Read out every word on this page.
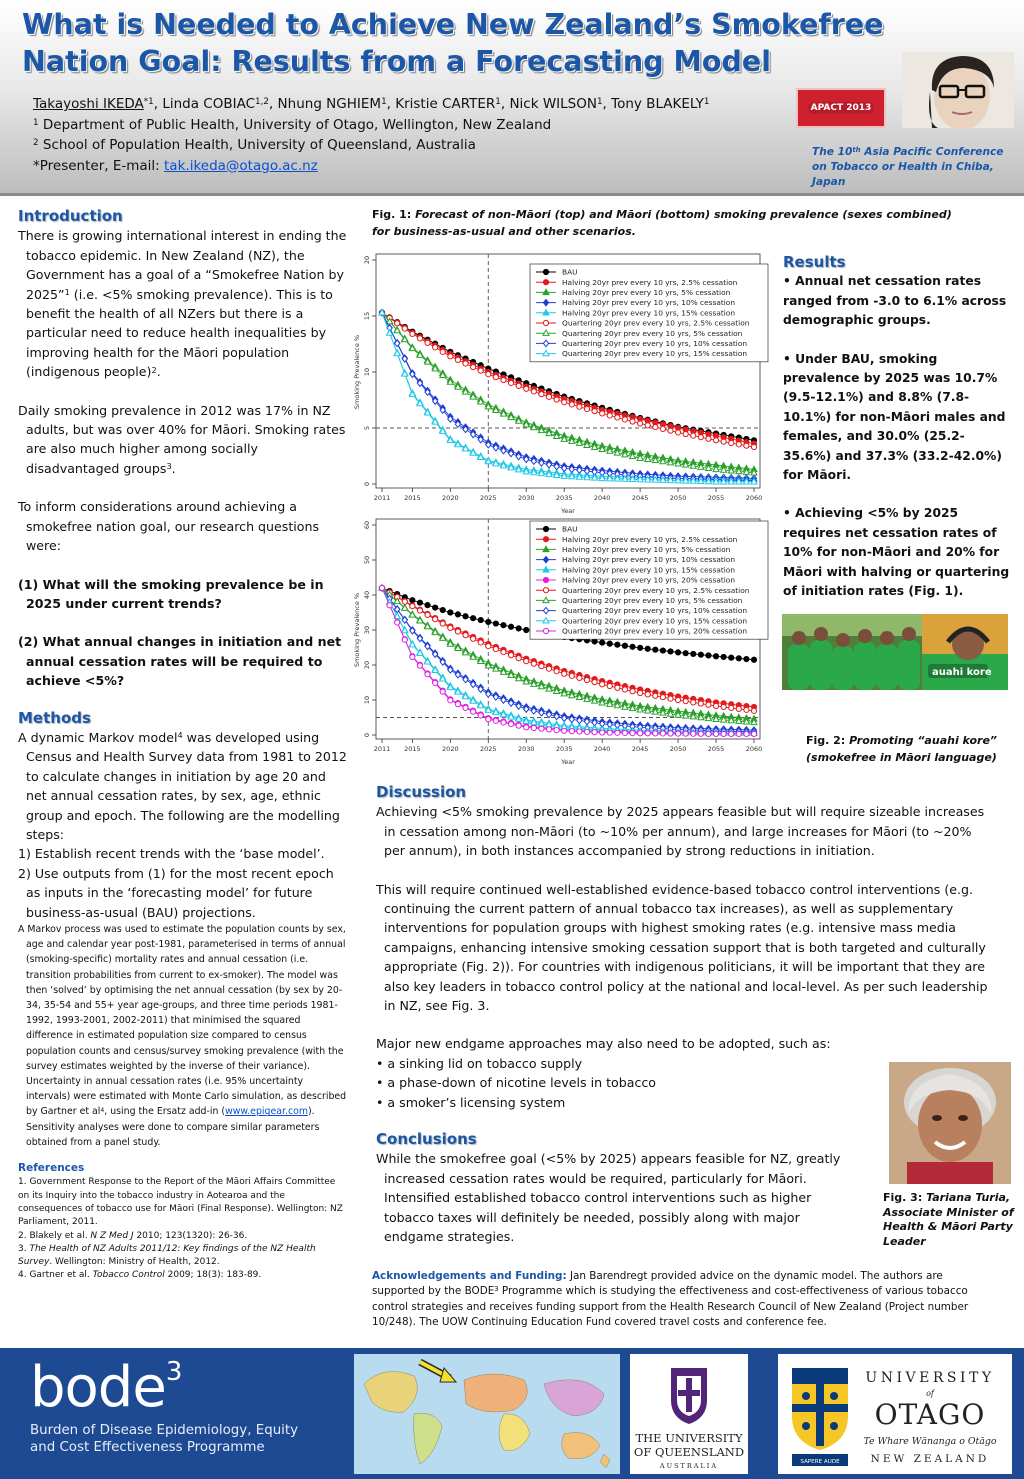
What is Needed to Achieve New Zealand’s Smokefree Nation Goal: Results from a Forecasting Model
Takayoshi IKEDA$^{*1}$, Linda COBIAC$^{1,2}$, Nhung NGHIEM$^1$, Kristie CARTER$^1$, Nick WILSON$^1$, Tony BLAKELY$^1$
$^1$ Department of Public Health, University of Otago, Wellington, New Zealand
$^2$ School of Population Health, University of Queensland, Australia
*Presenter, E-mail: tak.ikeda@otago.ac.nz
APACT 2013
The 10th Asia Pacific Conference on Tobacco or Health in Chiba, Japan
Introduction

There is growing international interest in ending the tobacco epidemic. In New Zealand (NZ), the Government has a goal of a “Smokefree Nation by 2025”$^1$ (i.e. <5% smoking prevalence). This is to benefit the health of all NZers but there is a particular need to reduce health inequalities by improving health for the Māori population (indigenous people)$^2$.

Daily smoking prevalence in 2012 was 17% in NZ adults, but was over 40% for Māori. Smoking rates are also much higher among socially disadvantaged groups$^3$.

To inform considerations around achieving a smokefree nation goal, our research questions were:

(1) What will the smoking prevalence be in 2025 under current trends?

(2) What annual changes in initiation and net annual cessation rates will be required to achieve <5%?

Methods

A dynamic Markov model$^4$ was developed using Census and Health Survey data from 1981 to 2012 to calculate changes in initiation by age 20 and net annual cessation rates, by sex, age, ethnic group and epoch. The following are the modelling steps:

1) Establish recent trends with the ‘base model’.

2) Use outputs from (1) for the most recent epoch as inputs in the ‘forecasting model’ for future business-as-usual (BAU) projections.

A Markov process was used to estimate the population counts by sex, age and calendar year post-1981, parameterised in terms of annual (smoking-specific) mortality rates and annual cessation (i.e. transition probabilities from current to ex-smoker). The model was then ‘solved’ by optimising the net annual cessation (by sex by 20-34, 35-54 and 55+ year age-groups, and three time periods 1981-1992, 1993-2001, 2002-2011) that minimised the squared difference in estimated population size compared to census population counts and census/survey smoking prevalence (with the survey estimates weighted by the inverse of their variance). Uncertainty in annual cessation rates (i.e. 95% uncertainty intervals) were estimated with Monte Carlo simulation, as described by Gartner et $al^4$, using the Ersatz add-in (www.epigear.com). Sensitivity analyses were done to compare similar parameters obtained from a panel study.

References
1. Government Response to the Report of the Māori Affairs Committee on its Inquiry into the tobacco industry in Aotearoa and the consequences of tobacco use for Māori (Final Response). Wellington: NZ Parliament, 2011.
2. Blakely et al. N Z Med J 2010; 123(1320): 26-36.
3. The Health of NZ Adults 2011/12: Key findings of the NZ Health Survey. Wellington: Ministry of Health, 2012.
4. Gartner et al. Tobacco Control 2009; 18(3): 183-89.
Fig. 1: Forecast of non-Māori (top) and Māori (bottom) smoking prevalence (sexes combined) for business-as-usual and other scenarios.
0
5
10
15
20
2011 2015	2020	2025	2030	2035	2040	2045	2050	2055	2060
Year
Smoking Prevalence %
BAU
Halving 20yr prev every 10 yrs, 2.5% cessation
Halving 20yr prev every 10 yrs, 5% cessation
Halving 20yr prev every 10 yrs, 10% cessation
Halving 20yr prev every 10 yrs, 15% cessation
Quartering 20yr prev every 10 yrs, 2.5% cessation
Quartering 20yr prev every 10 yrs, 5% cessation
Quartering 20yr prev every 10 yrs, 10% cessation
Quartering 20yr prev every 10 yrs, 15% cessation
0
10
20
30
40
50
60
2011 2015	2020	2025	2030	2035	2040	2045	2050	2055	2060
Year
Smoking Prevalence %
BAU
Halving 20yr prev every 10 yrs, 2.5% cessation
Halving 20yr prev every 10 yrs, 5% cessation
Halving 20yr prev every 10 yrs, 10% cessation
Halving 20yr prev every 10 yrs, 15% cessation
Halving 20yr prev every 10 yrs, 20% cessation
Quartering 20yr prev every 10 yrs, 2.5% cessation
Quartering 20yr prev every 10 yrs, 5% cessation
Quartering 20yr prev every 10 yrs, 10% cessation
Quartering 20yr prev every 10 yrs, 15% cessation
Quartering 20yr prev every 10 yrs, 20% cessation
Results

• Annual net cessation rates ranged from -3.0 to 6.1% across demographic groups.

• Under BAU, smoking prevalence by 2025 was 10.7% (9.5-12.1%) and 8.8% (7.8-10.1%) for non-Māori males and females, and 30.0% (25.2-35.6%) and 37.3% (33.2-42.0%) for Māori.

• Achieving <5% by 2025 requires net cessation rates of 10% for non-Māori and 20% for Māori with halving or quartering of initiation rates (Fig. 1).

auahi kore
Fig. 2: Promoting “auahi kore” (smokefree in Māori language)
Discussion

Achieving <5% smoking prevalence by 2025 appears feasible but will require sizeable increases in cessation among non-Māori (to ~10% per annum), and large increases for Māori (to ~20% per annum), in both instances accompanied by strong reductions in initiation.

This will require continued well-established evidence-based tobacco control interventions (e.g. continuing the current pattern of annual tobacco tax increases), as well as supplementary interventions for population groups with highest smoking rates (e.g. intensive mass media campaigns, enhancing intensive smoking cessation support that is both targeted and culturally appropriate (Fig. 2)). For countries with indigenous politicians, it will be important that they are also key leaders in tobacco control policy at the national and local-level. As per such leadership in NZ, see Fig. 3.

Major new endgame approaches may also need to be adopted, such as:

• a sinking lid on tobacco supply

• a phase-down of nicotine levels in tobacco

• a smoker’s licensing system

Conclusions

While the smokefree goal (<5% by 2025) appears feasible for NZ, greatly increased cessation rates would be required, particularly for Māori. Intensified established tobacco control interventions such as higher tobacco taxes will definitely be needed, possibly along with major endgame strategies.

Fig. 3: Tariana Turia, Associate Minister of Health & Māori Party Leader
Acknowledgements and Funding: Jan Barendregt provided advice on the dynamic model. The authors are supported by the BODE$^3$ Programme which is studying the effectiveness and cost-effectiveness of various tobacco control strategies and receives funding support from the Health Research Council of New Zealand (Project number 10/248). The UOW Continuing Education Fund covered travel costs and conference fee.
bode$^3$
Burden of Disease Epidemiology, Equity
and Cost Effectiveness Programme
THE UNIVERSITY
OF QUEENSLAND
AUSTRALIA	SAPERE AUDE
UNIVERSITY
of
OTAGO
Te Whare Wānanga o Otāgo
NEW ZEALAND
